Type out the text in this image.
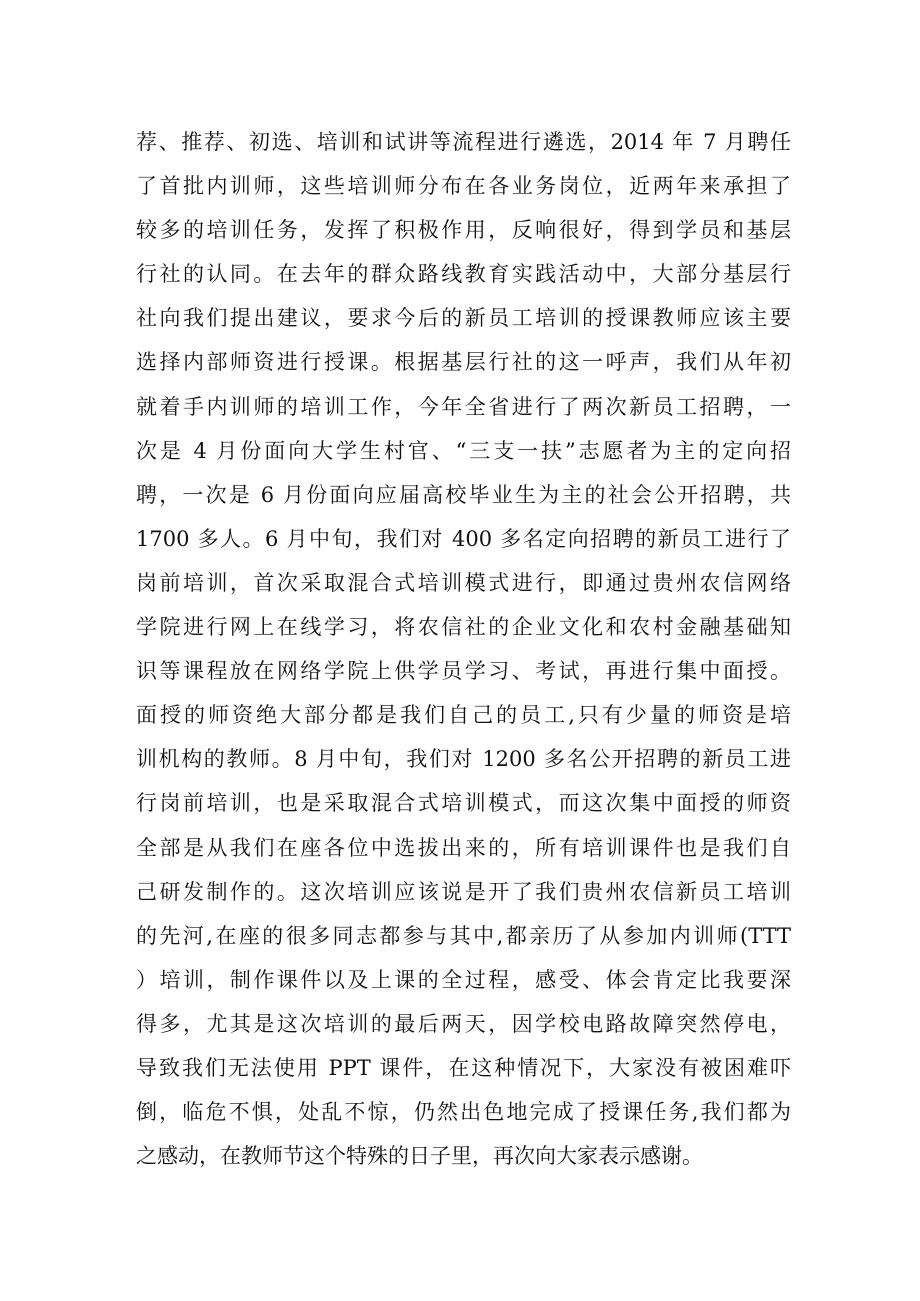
荐、推荐、初选、培训和试讲等流程进行遴选，2014 年 7 月聘任
了首批内训师，这些培训师分布在各业务岗位，近两年来承担了
较多的培训任务，发挥了积极作用，反响很好，得到学员和基层
行社的认同。在去年的群众路线教育实践活动中，大部分基层行
社向我们提出建议，要求今后的新员工培训的授课教师应该主要
选择内部师资进行授课。根据基层行社的这一呼声，我们从年初
就着手内训师的培训工作，今年全省进行了两次新员工招聘，一
次是 4 月份面向大学生村官、“三支一扶”志愿者为主的定向招
聘，一次是 6 月份面向应届高校毕业生为主的社会公开招聘，共
1700 多人。6 月中旬，我们对 400 多名定向招聘的新员工进行了
岗前培训，首次采取混合式培训模式进行，即通过贵州农信网络
学院进行网上在线学习，将农信社的企业文化和农村金融基础知
识等课程放在网络学院上供学员学习、考试，再进行集中面授。
面授的师资绝大部分都是我们自己的员工,只有少量的师资是培
训机构的教师。8 月中旬，我们对 1200 多名公开招聘的新员工进
行岗前培训，也是采取混合式培训模式，而这次集中面授的师资
全部是从我们在座各位中选拔出来的，所有培训课件也是我们自
己研发制作的。这次培训应该说是开了我们贵州农信新员工培训
的先河,在座的很多同志都参与其中,都亲历了从参加内训师(TTT
）培训，制作课件以及上课的全过程，感受、体会肯定比我要深
得多，尤其是这次培训的最后两天，因学校电路故障突然停电，
导致我们无法使用 PPT 课件，在这种情况下，大家没有被困难吓
倒，临危不惧，处乱不惊，仍然出色地完成了授课任务,我们都为
之感动，在教师节这个特殊的日子里，再次向大家表示感谢。
